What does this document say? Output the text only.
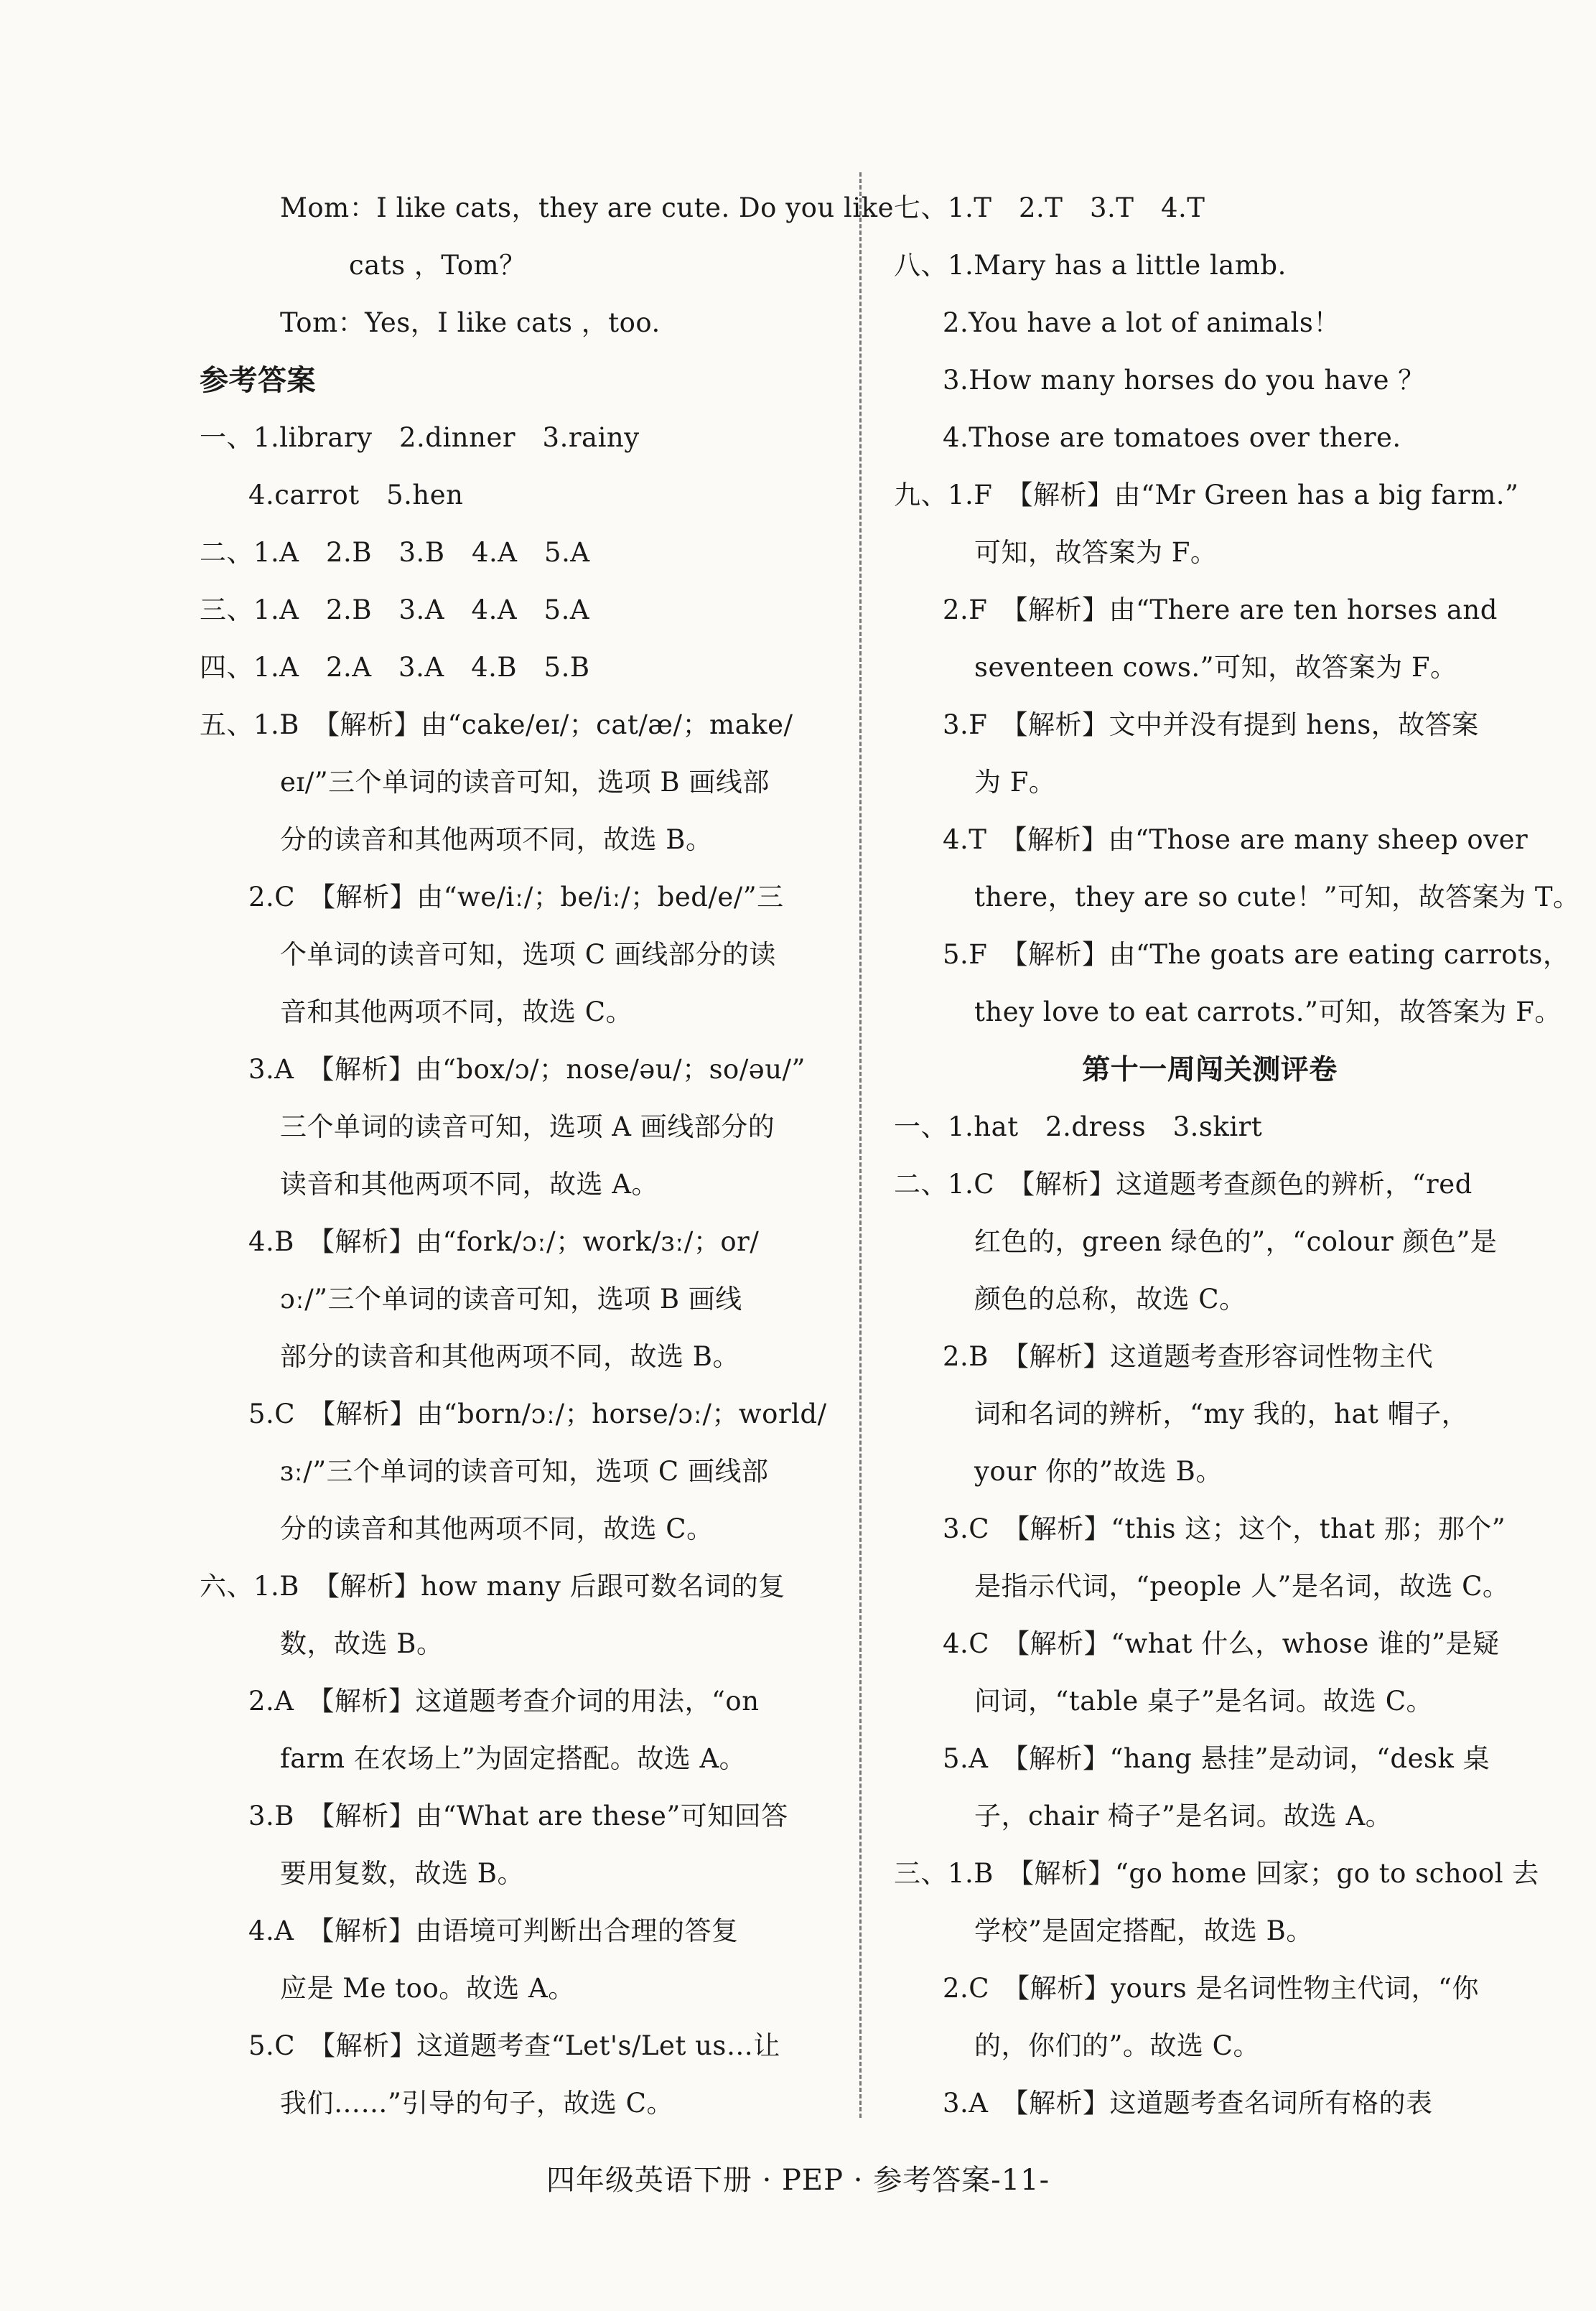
Mom：I like cats，they are cute. Do you like
cats ，Tom？
Tom：Yes，I like cats ，too.
参考答案
一、1.library　2.dinner　3.rainy
4.carrot　5.hen
二、1.A　2.B　3.B　4.A　5.A
三、1.A　2.B　3.A　4.A　5.A
四、1.A　2.A　3.A　4.B　5.B
五、1.B　【解析】由“cake/eɪ/；cat/æ/；make/
eɪ/”三个单词的读音可知，选项 B 画线部
分的读音和其他两项不同，故选 B。
2.C　【解析】由“we/iː/；be/iː/；bed/e/”三
个单词的读音可知，选项 C 画线部分的读
音和其他两项不同，故选 C。
3.A　【解析】由“box/ɔ/；nose/əu/；so/əu/”
三个单词的读音可知，选项 A 画线部分的
读音和其他两项不同，故选 A。
4.B　【解析】由“fork/ɔː/；work/ɜː/；or/
ɔː/”三个单词的读音可知，选项 B 画线
部分的读音和其他两项不同，故选 B。
5.C　【解析】由“born/ɔː/；horse/ɔː/；world/
ɜː/”三个单词的读音可知，选项 C 画线部
分的读音和其他两项不同，故选 C。
六、1.B　【解析】how many 后跟可数名词的复
数，故选 B。
2.A　【解析】这道题考查介词的用法，“on
farm 在农场上”为固定搭配。故选 A。
3.B　【解析】由“What are these”可知回答
要用复数，故选 B。
4.A　【解析】由语境可判断出合理的答复
应是 Me too。故选 A。
5.C　【解析】这道题考查“Let's/Let us…让
我们……”引导的句子，故选 C。
七、1.T　2.T　3.T　4.T
八、1.Mary has a little lamb.
2.You have a lot of animals！
3.How many horses do you have ？
4.Those are tomatoes over there.
九、1.F　【解析】由“Mr Green has a big farm.”
可知，故答案为 F。
2.F　【解析】由“There are ten horses and
seventeen cows.”可知，故答案为 F。
3.F　【解析】文中并没有提到 hens，故答案
为 F。
4.T　【解析】由“Those are many sheep over
there，they are so cute！”可知，故答案为 T。
5.F　【解析】由“The goats are eating carrots，
they love to eat carrots.”可知，故答案为 F。
第十一周闯关测评卷
一、1.hat　2.dress　3.skirt
二、1.C　【解析】这道题考查颜色的辨析，“red
红色的，green 绿色的”，“colour 颜色”是
颜色的总称，故选 C。
2.B　【解析】这道题考查形容词性物主代
词和名词的辨析，“my 我的，hat 帽子，
your 你的”故选 B。
3.C　【解析】“this 这；这个，that 那；那个”
是指示代词，“people 人”是名词，故选 C。
4.C　【解析】“what 什么，whose 谁的”是疑
问词，“table 桌子”是名词。故选 C。
5.A　【解析】“hang 悬挂”是动词，“desk 桌
子，chair 椅子”是名词。故选 A。
三、1.B　【解析】“go home 回家；go to school 去
学校”是固定搭配，故选 B。
2.C　【解析】yours 是名词性物主代词，“你
的，你们的”。故选 C。
3.A　【解析】这道题考查名词所有格的表
四年级英语下册 · PEP · 参考答案-11-
